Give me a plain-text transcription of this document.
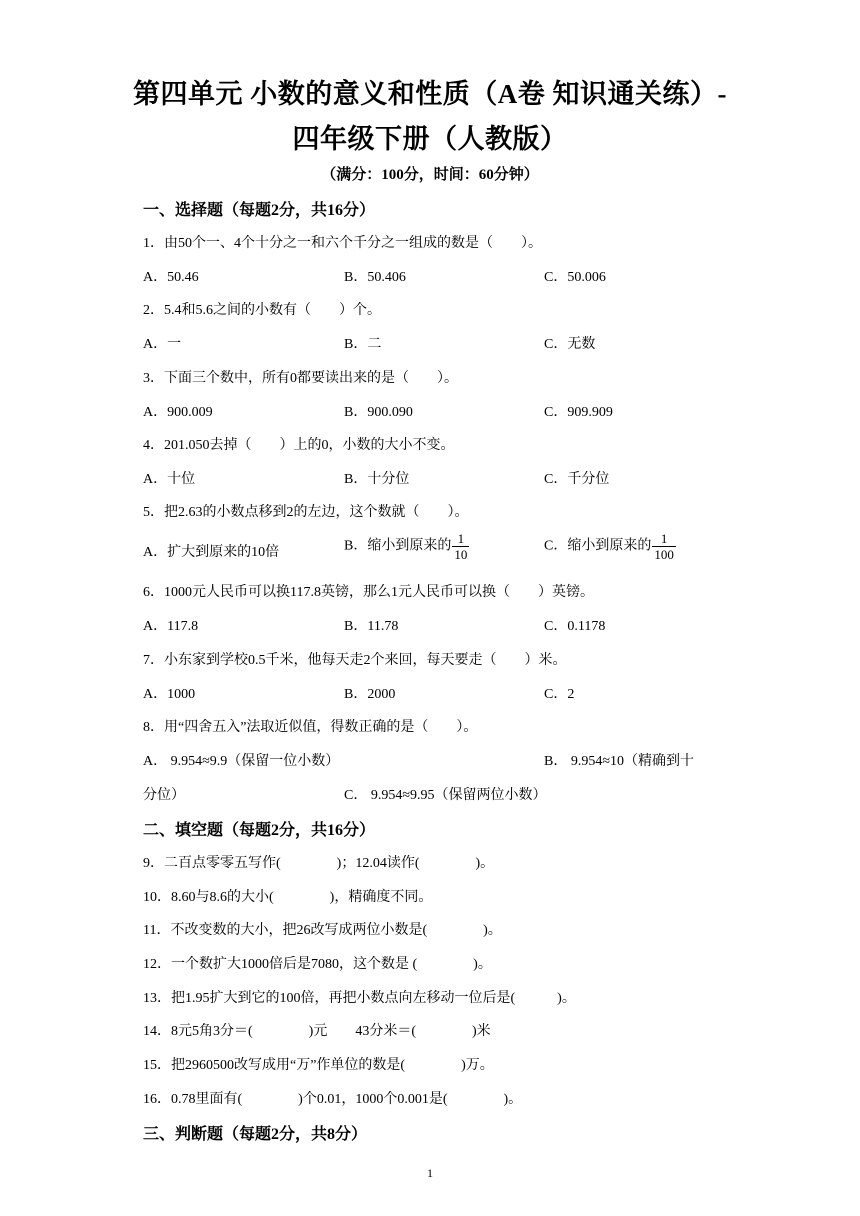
第四单元 小数的意义和性质（A卷 知识通关练）-
四年级下册（人教版）
（满分：100分，时间：60分钟）
一、选择题（每题2分，共16分）
1．由50个一、4个十分之一和六个千分之一组成的数是（　　）。
A．50.46	B．50.406	C．50.006
2．5.4和5.6之间的小数有（　　）个。
A．一	B．二	C．无数
3．下面三个数中，所有0都要读出来的是（　　）。
A．900.009	B．900.090	C．909.909
4．201.050去掉（　　）上的0，小数的大小不变。
A．十位	B．十分位	C．千分位
5．把2.63的小数点移到2的左边，这个数就（　　）。
A．扩大到原来的10倍	B．缩小到原来的 $\frac{1}{10}$	C．缩小到原来的 $\frac{1}{100}$
6．1000元人民币可以换117.8英镑，那么1元人民币可以换（　　）英镑。
A．117.8	B．11.78	C．0.1178
7．小东家到学校0.5千米，他每天走2个来回，每天要走（　　）米。
A．1000	B．2000	C．2
8．用“四舍五入”法取近似值，得数正确的是（　　）。
A． 9.954≈9.9（保留一位小数）	B． 9.954≈10（精确到十
分位）	C． 9.954≈9.95（保留两位小数）
二、填空题（每题2分，共16分）
9．二百点零零五写作(　　　　)；12.04读作(　　　　)。
10．8.60与8.6的大小(　　　　)，精确度不同。
11．不改变数的大小，把26改写成两位小数是(　　　　)。
12．一个数扩大1000倍后是7080，这个数是 (　　　　)。
13．把1.95扩大到它的100倍，再把小数点向左移动一位后是(　　　)。
14．8元5角3分＝(　　　　)元　　43分米＝(　　　　)米
15．把2960500改写成用“万”作单位的数是(　　　　)万。
16．0.78里面有(　　　　)个0.01，1000个0.001是(　　　　)。
三、判断题（每题2分，共8分）
1
